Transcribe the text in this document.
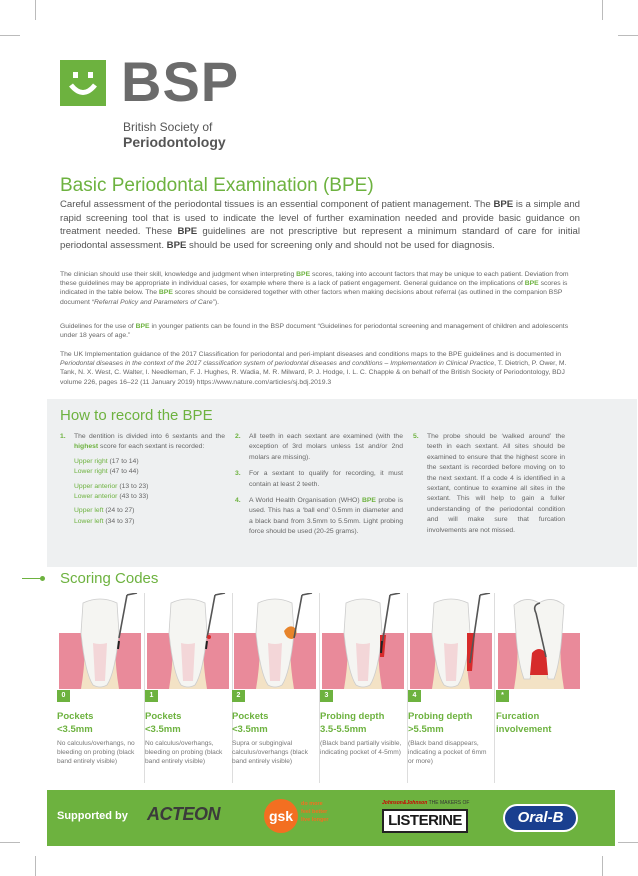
BSP
British Society of
Periodontology
Basic Periodontal Examination (BPE)
Careful assessment of the periodontal tissues is an essential component of patient management. The BPE is a simple and rapid screening tool that is used to indicate the level of further examination needed and provide basic guidance on treatment needed. These BPE guidelines are not prescriptive but represent a minimum standard of care for initial periodontal assessment. BPE should be used for screening only and should not be used for diagnosis.
The clinician should use their skill, knowledge and judgment when interpreting BPE scores, taking into account factors that may be unique to each patient. Deviation from these guidelines may be appropriate in individual cases, for example where there is a lack of patient engagement. General guidance on the implications of BPE scores is indicated in the table below. The BPE scores should be considered together with other factors when making decisions about referral (as outlined in the companion BSP document “Referral Policy and Parameters of Care”).
Guidelines for the use of BPE in younger patients can be found in the BSP document “Guidelines for periodontal screening and management of children and adolescents under 18 years of age.”
The UK Implementation guidance of the 2017 Classification for periodontal and peri-implant diseases and conditions maps to the BPE guidelines and is documented in Periodontal diseases in the context of the 2017 classification system of periodontal diseases and conditions – Implementation in Clinical Practice, T. Dietrich, P. Ower, M. Tank, N. X. West, C. Walter, I. Needleman, F. J. Hughes, R. Wadia, M. R. Milward, P. J. Hodge, I. L. C. Chapple & on behalf of the British Society of Periodontology, BDJ volume 226, pages 16–22 (11 January 2019) https://www.nature.com/articles/sj.bdj.2019.3
How to record the BPE
1. The dentition is divided into 6 sextants and the highest score for each sextant is recorded:
Upper right (17 to 14)
Lower right (47 to 44)
Upper anterior (13 to 23)
Lower anterior (43 to 33)
Upper left (24 to 27)
Lower left (34 to 37)
2. All teeth in each sextant are examined (with the exception of 3rd molars unless 1st and/or 2nd molars are missing).
3. For a sextant to qualify for recording, it must contain at least 2 teeth.
4. A World Health Organisation (WHO) BPE probe is used. This has a ‘ball end’ 0.5mm in diameter and a black band from 3.5mm to 5.5mm. Light probing force should be used (20-25 grams).
5. The probe should be ‘walked around’ the teeth in each sextant. All sites should be examined to ensure that the highest score in the sextant is recorded before moving on to the next sextant. If a code 4 is identified in a sextant, continue to examine all sites in the sextant. This will help to gain a fuller understanding of the periodontal condition and will make sure that furcation involvements are not missed.
Scoring Codes
0
Pockets
<3.5mm
No calculus/overhangs, no bleeding on probing (black band entirely visible)
1
Pockets
<3.5mm
No calculus/overhangs, bleeding on probing (black band entirely visible)
2
Pockets
<3.5mm
Supra or subgingival calculus/overhangs (black band entirely visible)
3
Probing depth
3.5-5.5mm
(Black band partially visible, indicating pocket of 4-5mm)
4
Probing depth
>5.5mm
(Black band disappears, indicating a pocket of 6mm or more)
*
Furcation
involvement
Supported by ACTEON	gsk
do more
feel better
live longer
Johnson&Johnson THE MAKERS OF
LISTERINE	Oral-B
